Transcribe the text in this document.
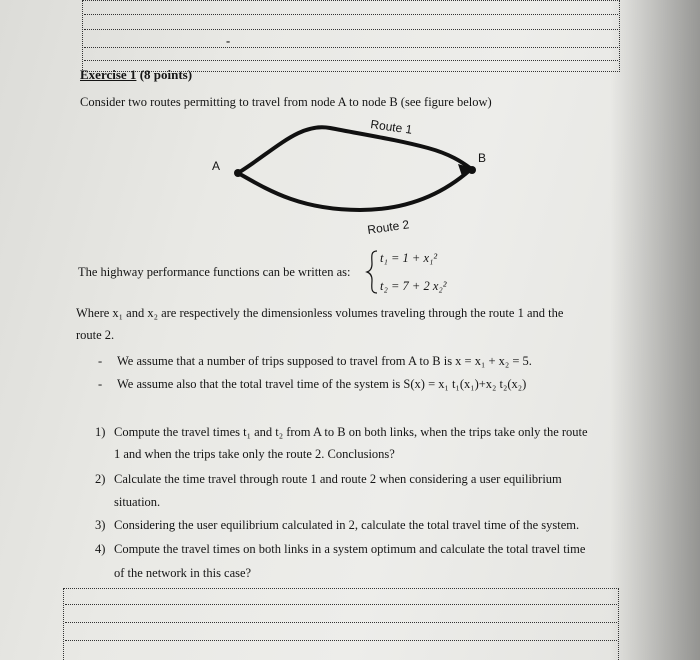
-
Exercise 1 (8 points)
Consider two routes permitting to travel from node A to node B (see figure below)
A
B
Route 1
Route 2
The highway performance functions can be written as:
t₁ = 1 + x₁²
t₂ = 7 + 2 x₂²
Where x₁ and x₂ are respectively the dimensionless volumes traveling through the route 1 and the
route 2.
- We assume that a number of trips supposed to travel from A to B is x = x₁ + x₂ = 5.
- We assume also that the total travel time of the system is S(x) = x₁ t₁(x₁)+x₂ t₂(x₂)
1) Compute the travel times t₁ and t₂ from A to B on both links, when the trips take only the route
1 and when the trips take only the route 2. Conclusions?
2) Calculate the time travel through route 1 and route 2 when considering a user equilibrium
situation.
3) Considering the user equilibrium calculated in 2, calculate the total travel time of the system.
4) Compute the travel times on both links in a system optimum and calculate the total travel time
of the network in this case?
